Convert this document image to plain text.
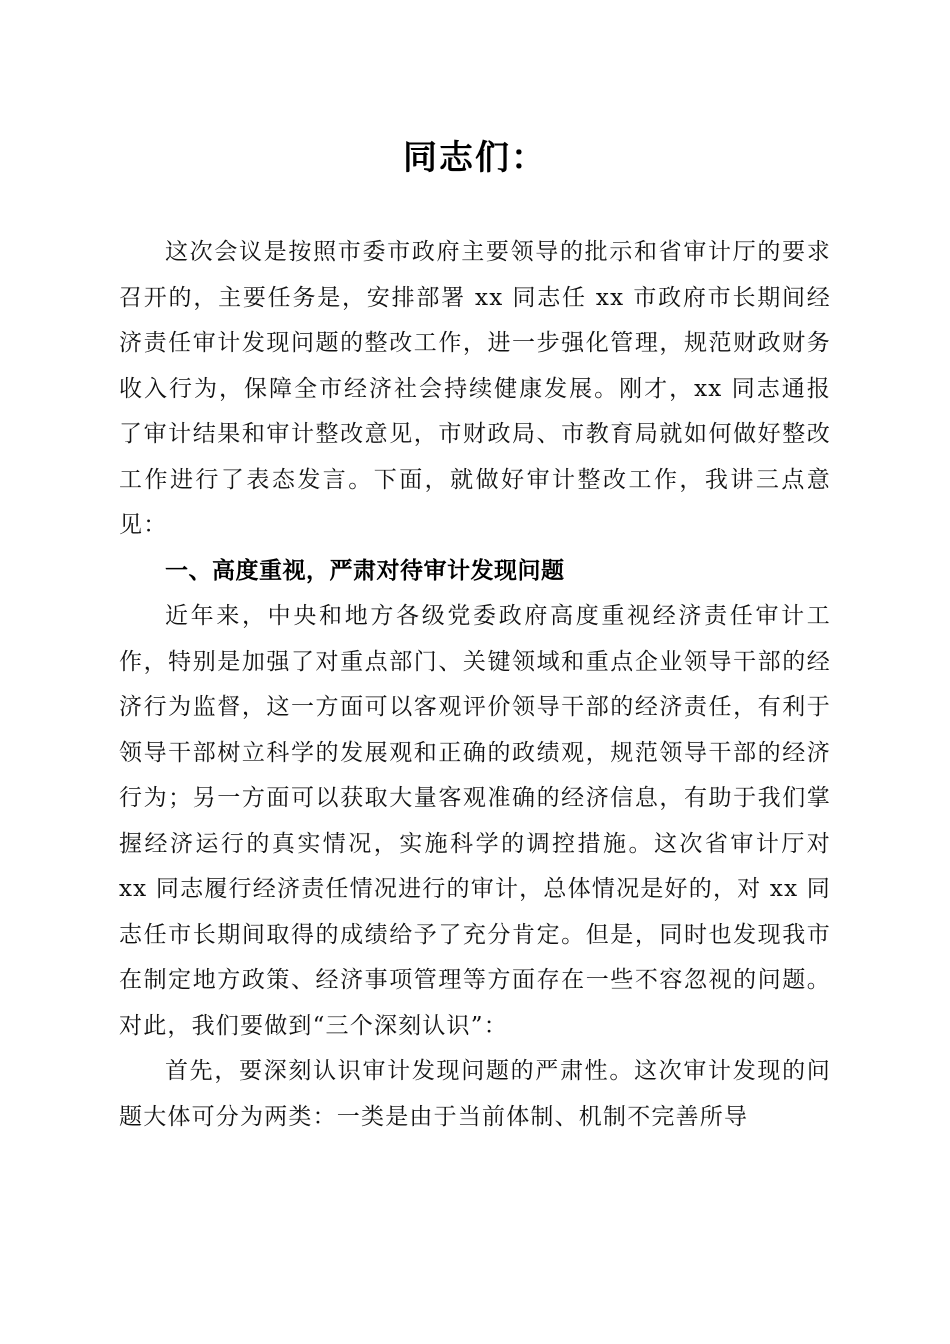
同志们：

这次会议是按照市委市政府主要领导的批示和省审计厅的要求召开的，主要任务是，安排部署 xx 同志任 xx 市政府市长期间经济责任审计发现问题的整改工作，进一步强化管理，规范财政财务收入行为，保障全市经济社会持续健康发展。刚才，xx 同志通报了审计结果和审计整改意见，市财政局、市教育局就如何做好整改工作进行了表态发言。下面，就做好审计整改工作，我讲三点意见：

一、高度重视，严肃对待审计发现问题

近年来，中央和地方各级党委政府高度重视经济责任审计工作，特别是加强了对重点部门、关键领域和重点企业领导干部的经济行为监督，这一方面可以客观评价领导干部的经济责任，有利于领导干部树立科学的发展观和正确的政绩观，规范领导干部的经济行为；另一方面可以获取大量客观准确的经济信息，有助于我们掌握经济运行的真实情况，实施科学的调控措施。这次省审计厅对 xx 同志履行经济责任情况进行的审计，总体情况是好的，对 xx 同志任市长期间取得的成绩给予了充分肯定。但是，同时也发现我市在制定地方政策、经济事项管理等方面存在一些不容忽视的问题。对此，我们要做到“三个深刻认识”：

首先，要深刻认识审计发现问题的严肃性。这次审计发现的问题大体可分为两类：一类是由于当前体制、机制不完善所导
